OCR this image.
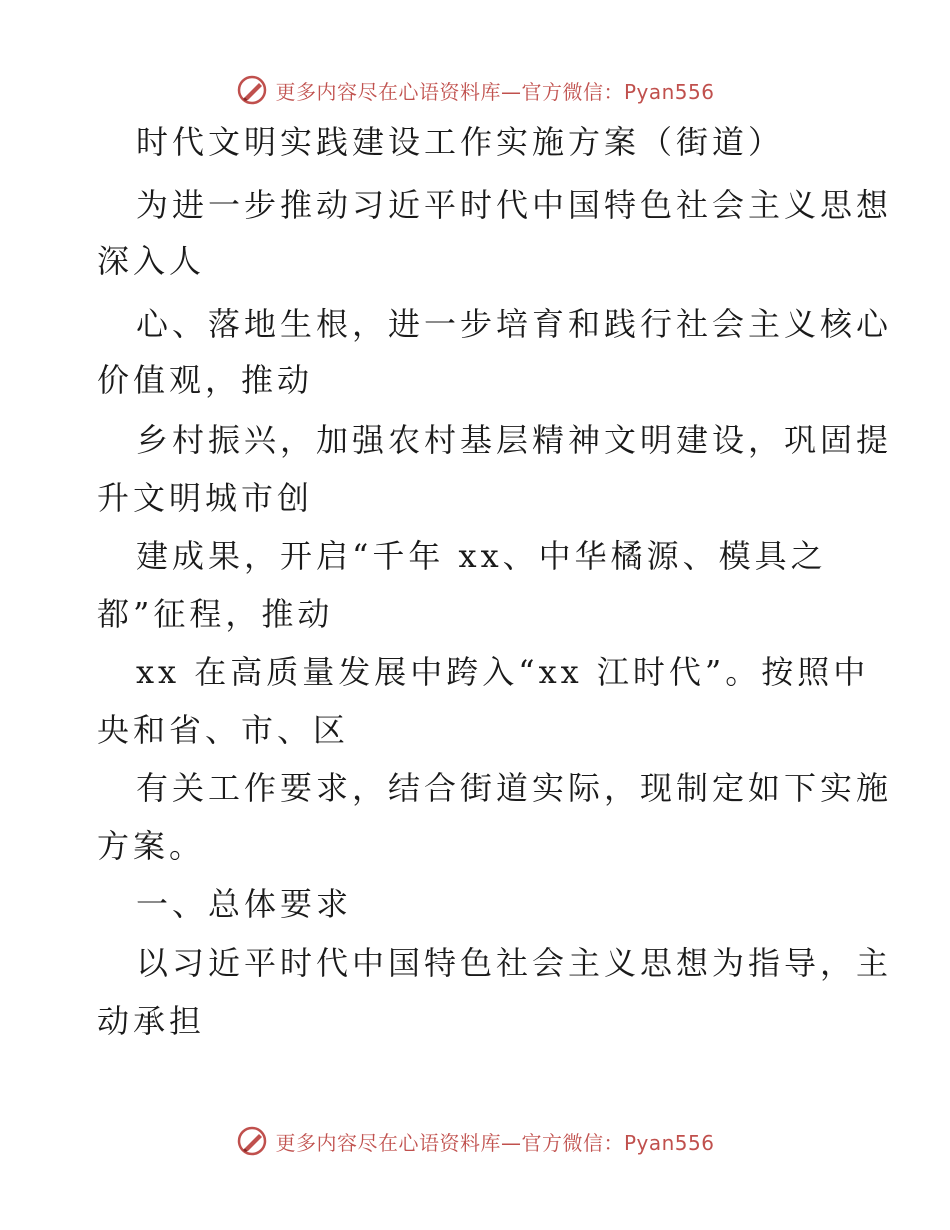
更多内容尽在心语资料库—官方微信：Pyan556
时代文明实践建设工作实施方案（街道）
为进一步推动习近平时代中国特色社会主义思想
深入人
心、落地生根，进一步培育和践行社会主义核心
价值观，推动
乡村振兴，加强农村基层精神文明建设，巩固提
升文明城市创
建成果，开启“千年 xx、中华橘源、模具之
都”征程，推动
xx 在高质量发展中跨入“xx 江时代”。按照中
央和省、市、区
有关工作要求，结合街道实际，现制定如下实施
方案。
一、总体要求
以习近平时代中国特色社会主义思想为指导，主
动承担
更多内容尽在心语资料库—官方微信：Pyan556
